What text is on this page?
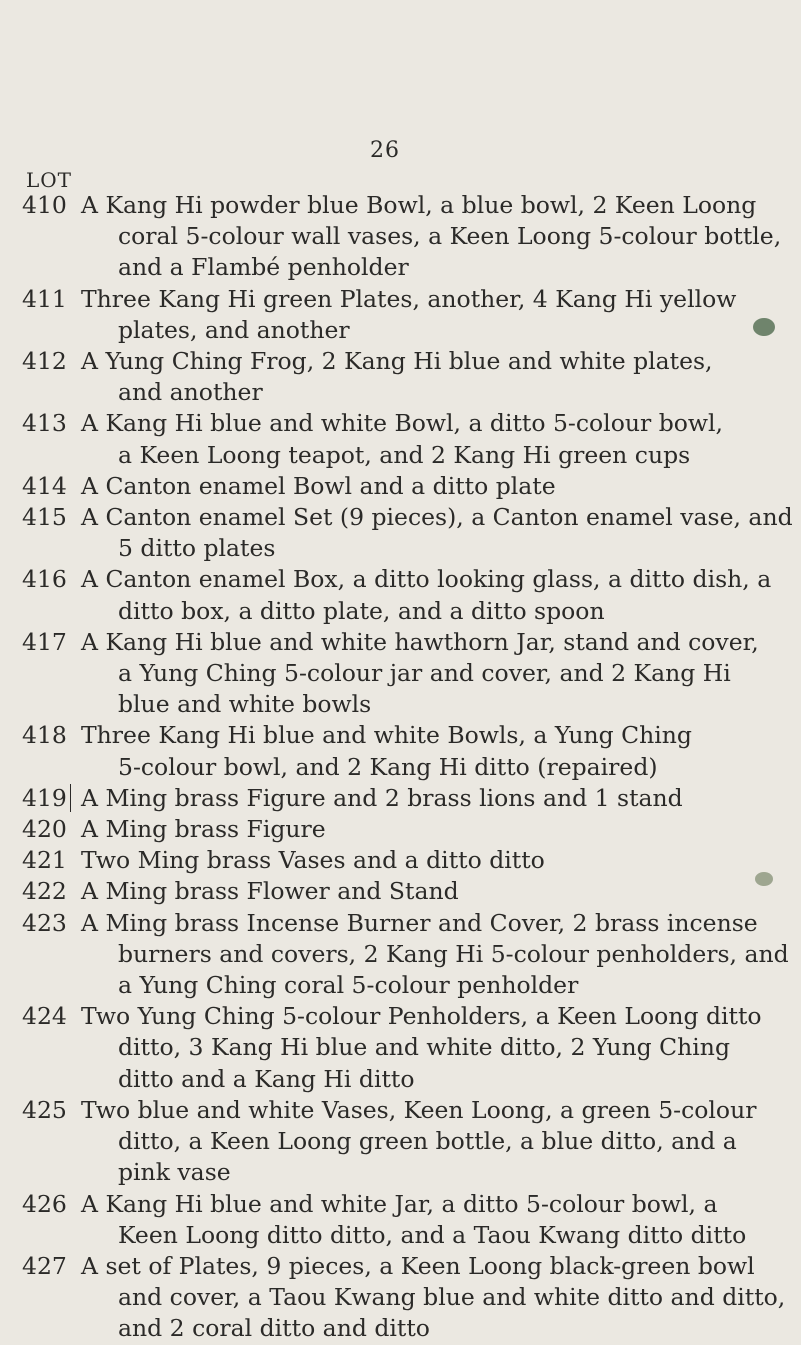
26
LOT
410 A Kang Hi powder blue Bowl, a blue bowl, 2 Keen Loong
coral 5-colour wall vases, a Keen Loong 5-colour bottle,
and a Flambé penholder
411 Three Kang Hi green Plates, another, 4 Kang Hi yellow
plates, and another
412 A Yung Ching Frog, 2 Kang Hi blue and white plates,
and another
413 A Kang Hi blue and white Bowl, a ditto 5-colour bowl,
a Keen Loong teapot, and 2 Kang Hi green cups
414 A Canton enamel Bowl and a ditto plate
415 A Canton enamel Set (9 pieces), a Canton enamel vase, and
5 ditto plates
416 A Canton enamel Box, a ditto looking glass, a ditto dish, a
ditto box, a ditto plate, and a ditto spoon
417 A Kang Hi blue and white hawthorn Jar, stand and cover,
a Yung Ching 5-colour jar and cover, and 2 Kang Hi
blue and white bowls
418 Three Kang Hi blue and white Bowls, a Yung Ching
5-colour bowl, and 2 Kang Hi ditto (repaired)
419 A Ming brass Figure and 2 brass lions and 1 stand
420 A Ming brass Figure
421 Two Ming brass Vases and a ditto ditto
422 A Ming brass Flower and Stand
423 A Ming brass Incense Burner and Cover, 2 brass incense
burners and covers, 2 Kang Hi 5-colour penholders, and
a Yung Ching coral 5-colour penholder
424 Two Yung Ching 5-colour Penholders, a Keen Loong ditto
ditto, 3 Kang Hi blue and white ditto, 2 Yung Ching
ditto and a Kang Hi ditto
425 Two blue and white Vases, Keen Loong, a green 5-colour
ditto, a Keen Loong green bottle, a blue ditto, and a
pink vase
426 A Kang Hi blue and white Jar, a ditto 5-colour bowl, a
Keen Loong ditto ditto, and a Taou Kwang ditto ditto
427 A set of Plates, 9 pieces, a Keen Loong black-green bowl
and cover, a Taou Kwang blue and white ditto and ditto,
and 2 coral ditto and ditto
